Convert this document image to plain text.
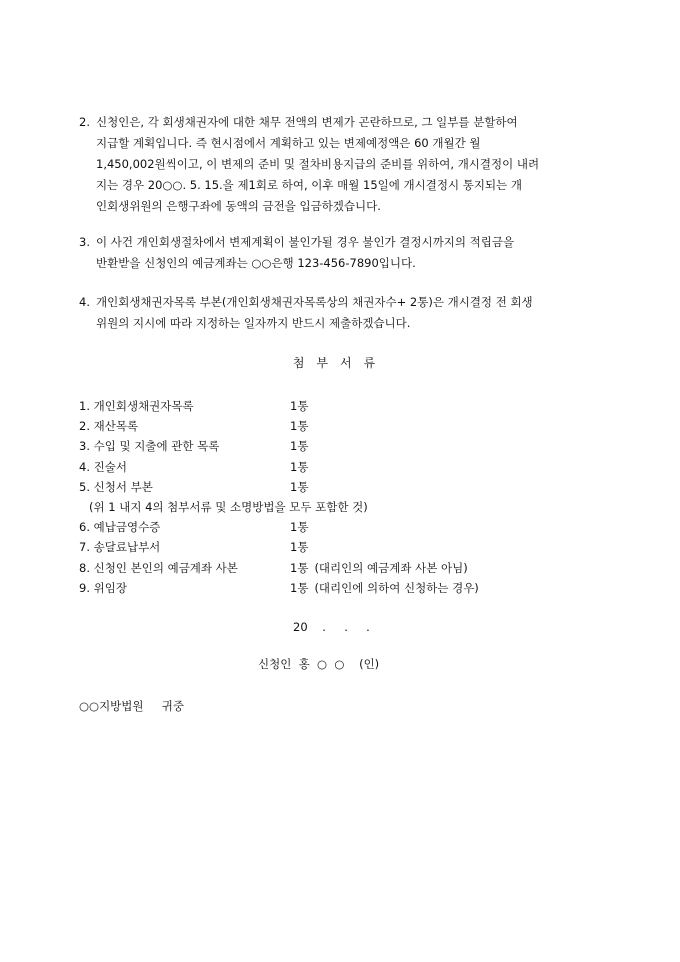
2. 신청인은, 각 회생채권자에 대한 채무 전액의 변제가 곤란하므로, 그 일부를 분할하여
지급할 계획입니다. 즉 현시점에서 계획하고 있는 변제예정액은 60 개월간 월
1,450,002원씩이고, 이 변제의 준비 및 절차비용지급의 준비를 위하여, 개시결정이 내려
지는 경우 20○○. 5. 15.을 제1회로 하여, 이후 매월 15일에 개시결정시 통지되는 개
인회생위원의 은행구좌에 동액의 금전을 입금하겠습니다.
3. 이 사건 개인회생절차에서 변제계획이 불인가될 경우 불인가 결정시까지의 적립금을
반환받을 신청인의 예금계좌는 ○○은행 123-456-7890입니다.
4. 개인회생채권자목록 부본(개인회생채권자목록상의 채권자수+ 2통)은 개시결정 전 회생
위원의 지시에 따라 지정하는 일자까지 반드시 제출하겠습니다.
첨부서류
1. 개인회생채권자목록	1통
2. 재산목록	1통
3. 수입 및 지출에 관한 목록	1통
4. 진술서	1통
5. 신청서 부본	1통
(위 1 내지 4의 첨부서류 및 소명방법을 모두 포함한 것)
6. 예납금영수증	1통
7. 송달료납부서	1통
8. 신청인 본인의 예금계좌 사본	1통 (대리인의 예금계좌 사본 아님)
9. 위임장	1통 (대리인에 의하여 신청하는 경우)
20    .     .     .
신청인 홍  ○  ○ (인)
○○지방법원     귀중
